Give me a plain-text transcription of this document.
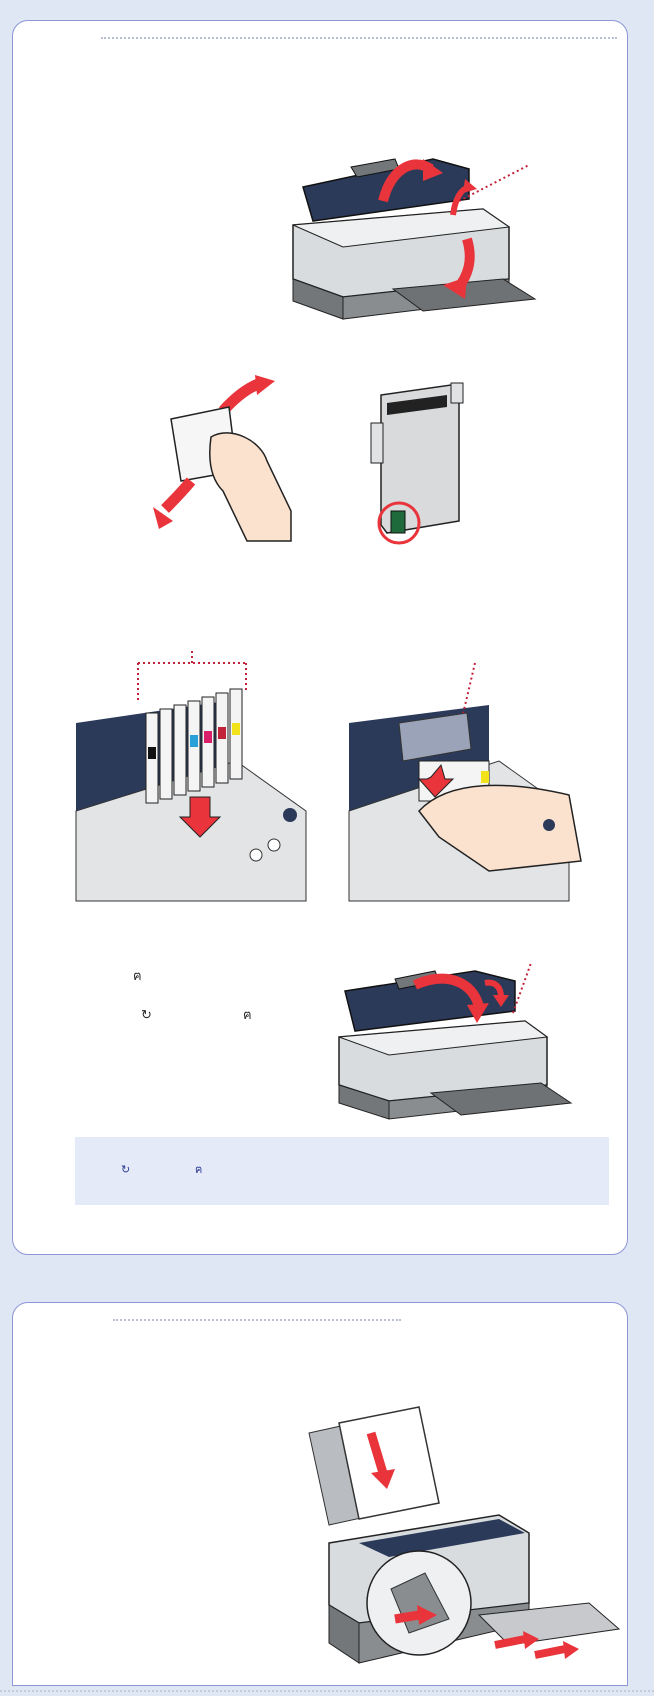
ฅ
↻	ฅ
↻	ฅ
